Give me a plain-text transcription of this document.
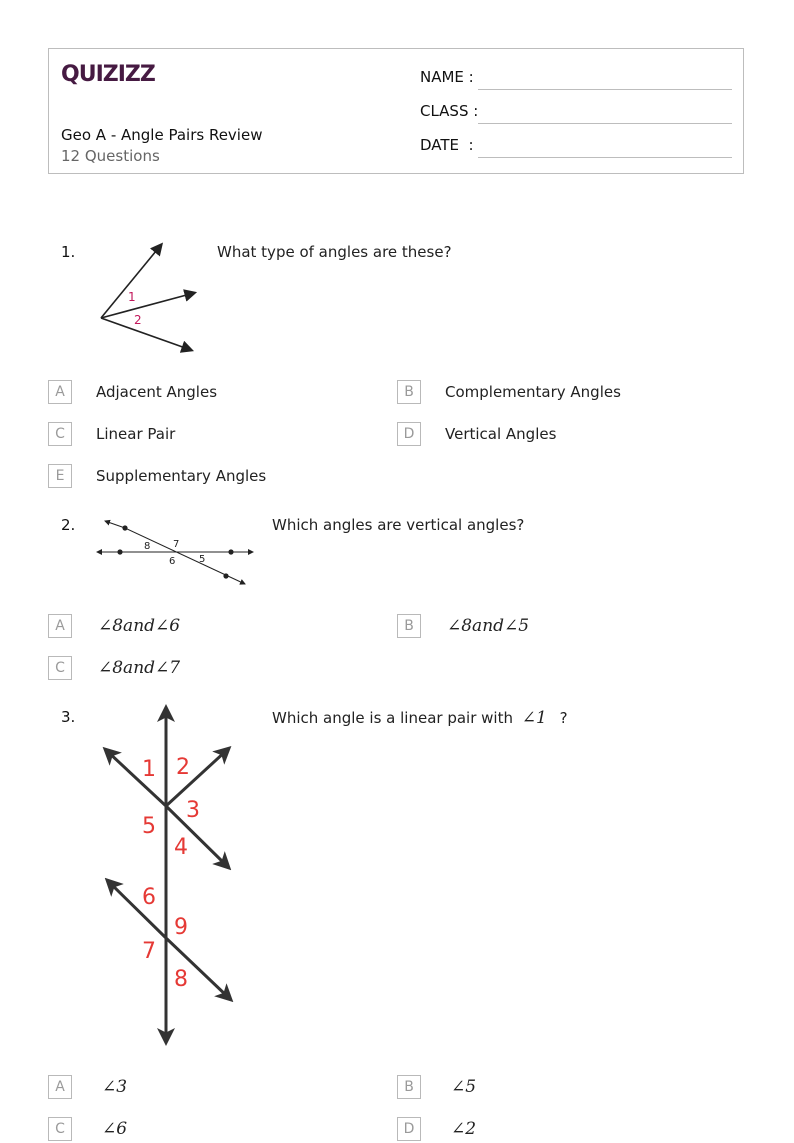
QUIZIZZ
Geo A - Angle Pairs Review
12 Questions
NAME :
CLASS :
DATE  :
1.	What type of angles are these?
1
2
A	Adjacent Angles	B	Complementary Angles
C	Linear Pair	D	Vertical Angles
E	Supplementary Angles
2.	Which angles are vertical angles?
8 7
6 5
A	∠8and∠6	B	∠8and∠5
C	∠8and∠7
3.	Which angle is a linear pair with ∠1 ?
1 2
3
5
4
6
9
7
8
A	∠3	B	∠5
C	∠6	D	∠2
